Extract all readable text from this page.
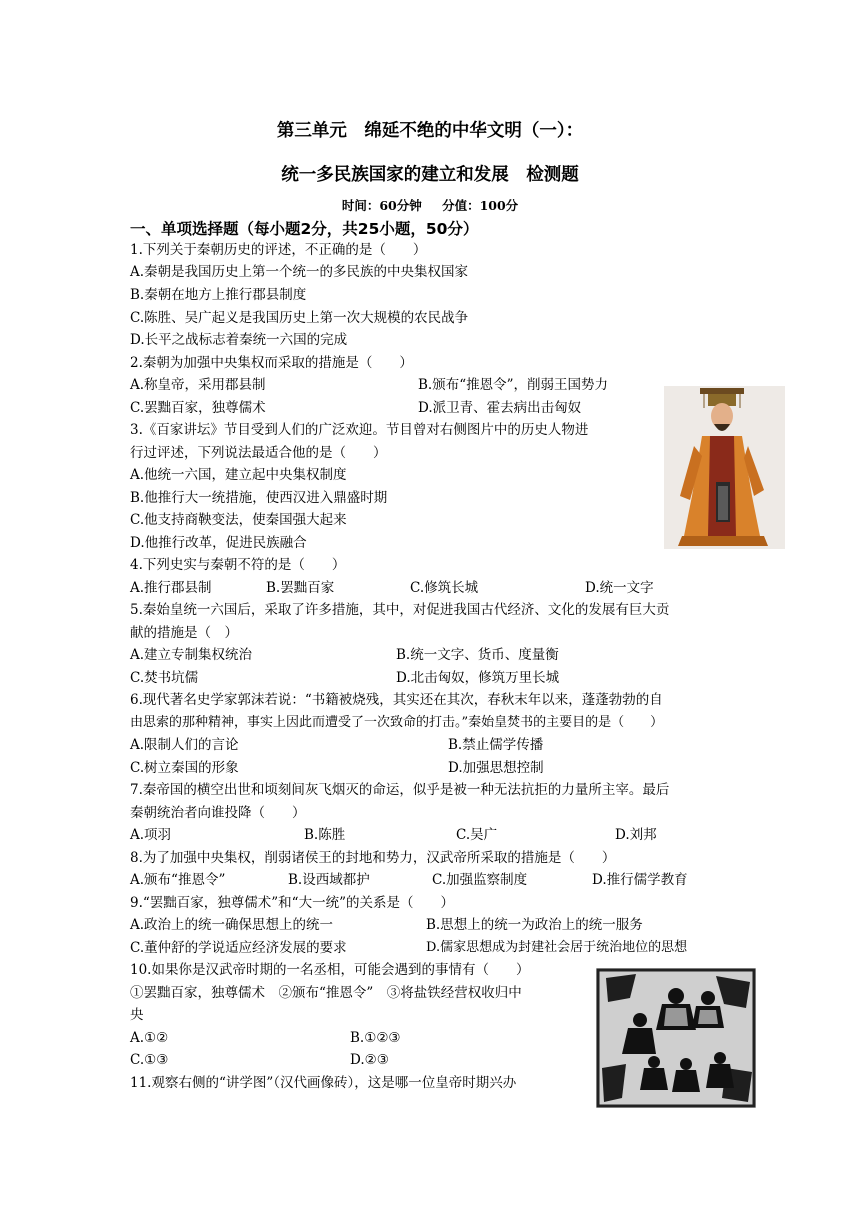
第三单元　绵延不绝的中华文明（一）：
统一多民族国家的建立和发展　检测题
时间：60分钟 分值：100分
一、单项选择题（每小题2分，共25小题，50分）
1.下列关于秦朝历史的评述，不正确的是（　　）
A.秦朝是我国历史上第一个统一的多民族的中央集权国家
B.秦朝在地方上推行郡县制度
C.陈胜、吴广起义是我国历史上第一次大规模的农民战争
D.长平之战标志着秦统一六国的完成
2.秦朝为加强中央集权而采取的措施是（　　）
A.称皇帝，采用郡县制	B.颁布“推恩令”，削弱王国势力
C.罢黜百家，独尊儒术	D.派卫青、霍去病出击匈奴
3.《百家讲坛》节目受到人们的广泛欢迎。节目曾对右侧图片中的历史人物进
行过评述，下列说法最适合他的是（　　）
A.他统一六国，建立起中央集权制度
B.他推行大一统措施，使西汉进入鼎盛时期
C.他支持商鞅变法，使秦国强大起来
D.他推行改革，促进民族融合
4.下列史实与秦朝不符的是（　　）
A.推行郡县制	B.罢黜百家	C.修筑长城	D.统一文字
5.秦始皇统一六国后，采取了许多措施，其中，对促进我国古代经济、文化的发展有巨大贡
献的措施是（　）
A.建立专制集权统治	B.统一文字、货币、度量衡
C.焚书坑儒	D.北击匈奴，修筑万里长城
6.现代著名史学家郭沫若说：“书籍被烧残，其实还在其次，春秋末年以来，蓬蓬勃勃的自
由思索的那种精神，事实上因此而遭受了一次致命的打击。”秦始皇焚书的主要目的是（　　）
A.限制人们的言论	B.禁止儒学传播
C.树立秦国的形象	D.加强思想控制
7.秦帝国的横空出世和顷刻间灰飞烟灭的命运，似乎是被一种无法抗拒的力量所主宰。最后
秦朝统治者向谁投降（　　）
A.项羽	B.陈胜	C.吴广	D.刘邦
8.为了加强中央集权，削弱诸侯王的封地和势力，汉武帝所采取的措施是（　　）
A.颁布“推恩令”	B.设西域都护	C.加强监察制度	D.推行儒学教育
9.“罢黜百家，独尊儒术”和“大一统”的关系是（　　）
A.政治上的统一确保思想上的统一	B.思想上的统一为政治上的统一服务
C.董仲舒的学说适应经济发展的要求	D.儒家思想成为封建社会居于统治地位的思想
10.如果你是汉武帝时期的一名丞相，可能会遇到的事情有（　　）
①罢黜百家，独尊儒术　②颁布“推恩令”　③将盐铁经营权收归中
央
A.①②	B.①②③
C.①③	D.②③
11.观察右侧的“讲学图”（汉代画像砖），这是哪一位皇帝时期兴办
